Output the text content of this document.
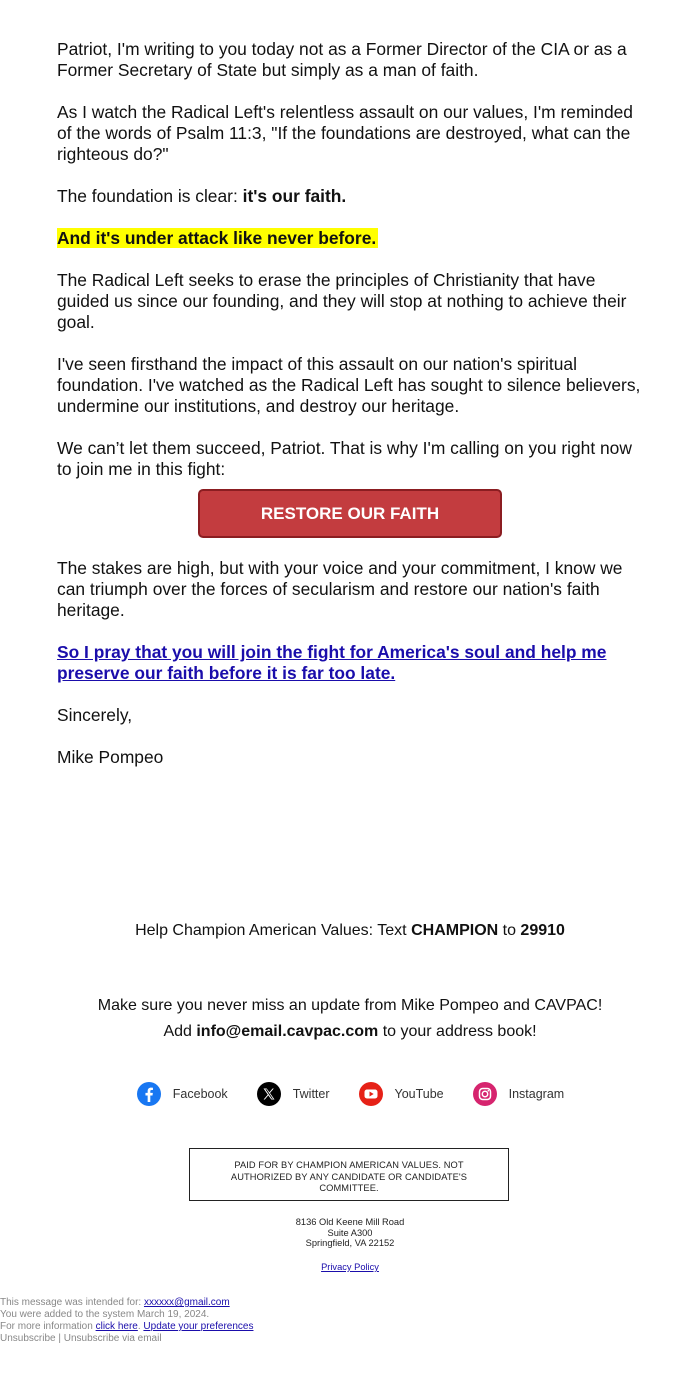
Patriot, I'm writing to you today not as a Former Director of the CIA or as a Former Secretary of State but simply as a man of faith.

As I watch the Radical Left's relentless assault on our values, I'm reminded of the words of Psalm 11:3, "If the foundations are destroyed, what can the righteous do?"

The foundation is clear: it's our faith.

And it's under attack like never before.

The Radical Left seeks to erase the principles of Christianity that have guided us since our founding, and they will stop at nothing to achieve their goal.

I've seen firsthand the impact of this assault on our nation's spiritual foundation. I've watched as the Radical Left has sought to silence believers, undermine our institutions, and destroy our heritage.

We can’t let them succeed, Patriot. That is why I'm calling on you right now to join me in this fight:

RESTORE OUR FAITH

The stakes are high, but with your voice and your commitment, I know we can triumph over the forces of secularism and restore our nation's faith heritage.

So I pray that you will join the fight for America's soul and help me preserve our faith before it is far too late.

Sincerely,

Mike Pompeo

Help Champion American Values: Text CHAMPION to 29910
Make sure you never miss an update from Mike Pompeo and CAVPAC!
Add info@email.cavpac.com to your address book!
Facebook	Twitter	YouTube	Instagram
PAID FOR BY CHAMPION AMERICAN VALUES. NOT AUTHORIZED BY ANY CANDIDATE OR CANDIDATE'S COMMITTEE.
8136 Old Keene Mill Road
Suite A300
Springfield, VA 22152
Privacy Policy
This message was intended for: xxxxxx@gmail.com
You were added to the system March 19, 2024.
For more information click here. Update your preferences
Unsubscribe | Unsubscribe via email
